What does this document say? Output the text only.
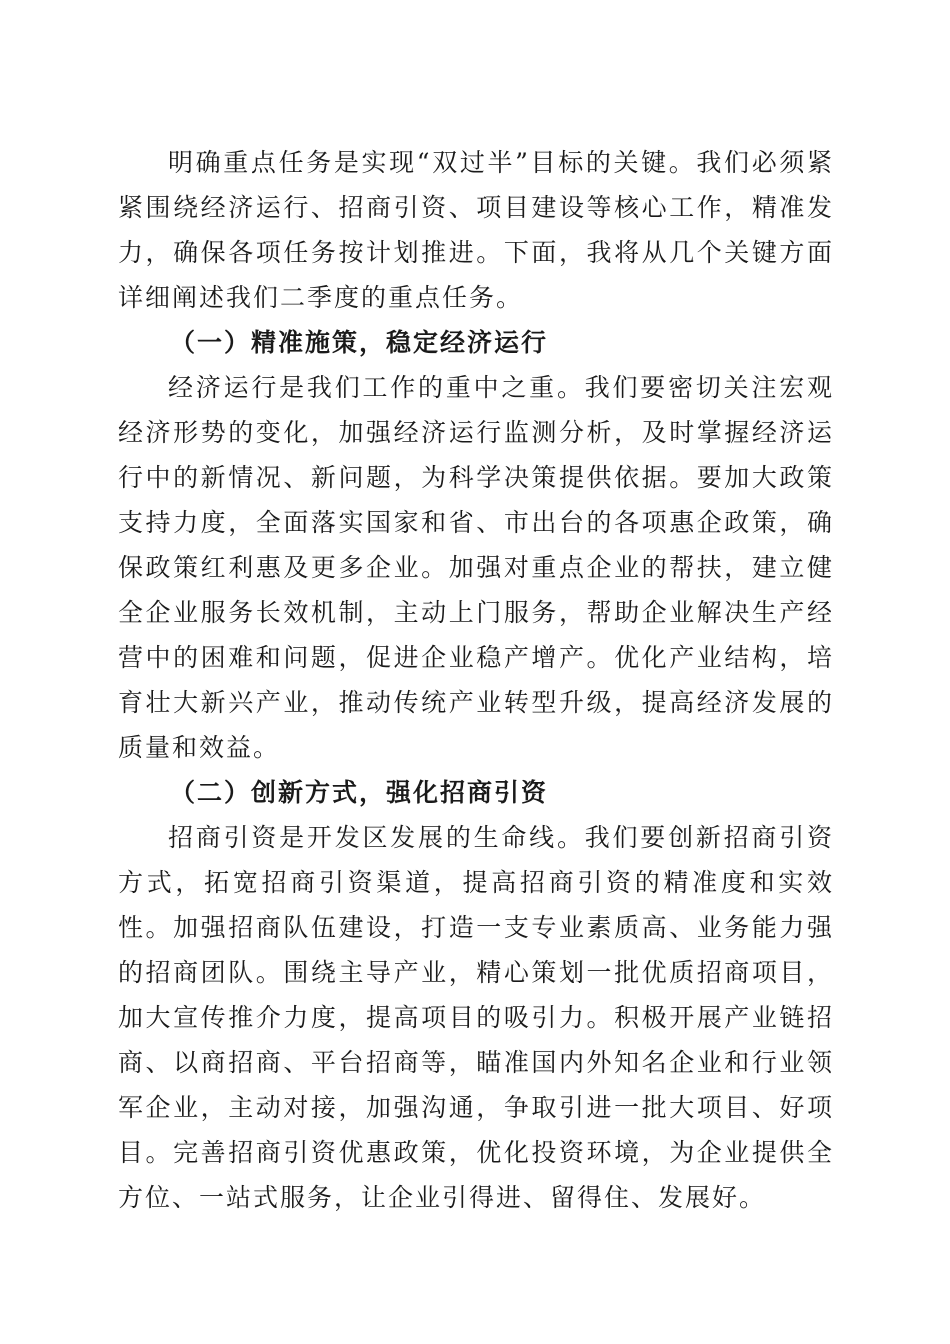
明确重点任务是实现“双过半”目标的关键。我们必须紧紧围绕经济运行、招商引资、项目建设等核心工作，精准发力，确保各项任务按计划推进。下面，我将从几个关键方面详细阐述我们二季度的重点任务。

（一）精准施策，稳定经济运行

经济运行是我们工作的重中之重。我们要密切关注宏观经济形势的变化，加强经济运行监测分析，及时掌握经济运行中的新情况、新问题，为科学决策提供依据。要加大政策支持力度，全面落实国家和省、市出台的各项惠企政策，确保政策红利惠及更多企业。加强对重点企业的帮扶，建立健全企业服务长效机制，主动上门服务，帮助企业解决生产经营中的困难和问题，促进企业稳产增产。优化产业结构，培育壮大新兴产业，推动传统产业转型升级，提高经济发展的质量和效益。

（二）创新方式，强化招商引资

招商引资是开发区发展的生命线。我们要创新招商引资方式，拓宽招商引资渠道，提高招商引资的精准度和实效性。加强招商队伍建设，打造一支专业素质高、业务能力强的招商团队。围绕主导产业，精心策划一批优质招商项目，加大宣传推介力度，提高项目的吸引力。积极开展产业链招商、以商招商、平台招商等，瞄准国内外知名企业和行业领军企业，主动对接，加强沟通，争取引进一批大项目、好项目。完善招商引资优惠政策，优化投资环境，为企业提供全方位、一站式服务，让企业引得进、留得住、发展好。
